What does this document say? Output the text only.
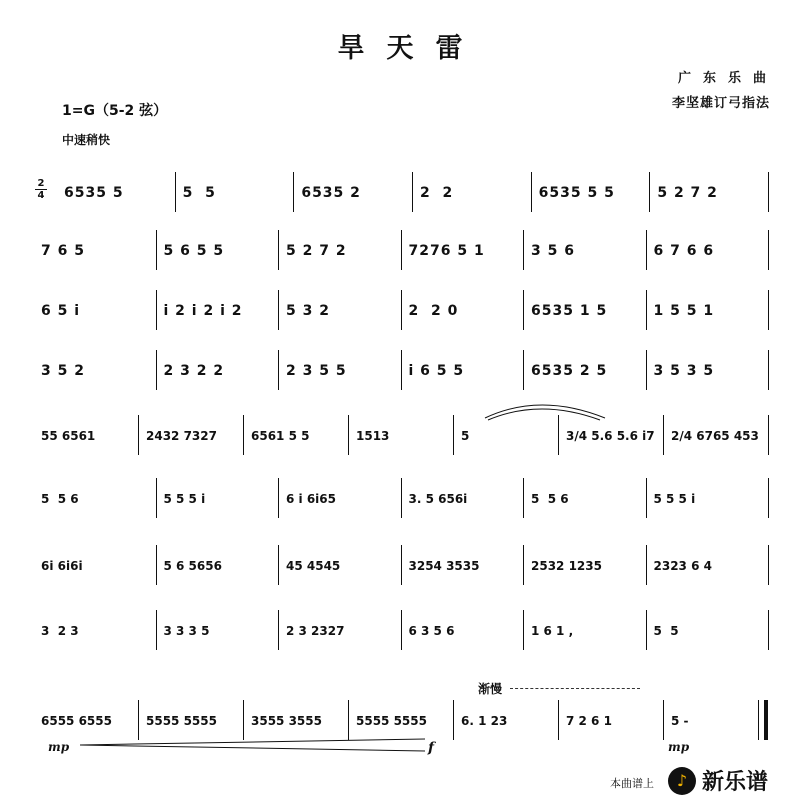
旱天雷
广东乐曲
李坚雄订弓指法
1=G（5-2 弦）
中速稍快
2
4 6535 5	5  5	6535 2	2  2	6535 5 5	5 2 7 2
7 6 5	5 6 5 5	5 2 7 2	7276 5 1	3 5 6	6 7 6 6
6 5 i	i 2 i 2 i 2	5 3 2	2  2 0	6535 1 5	1 5 5 1
3 5 2	2 3 2 2	2 3 5 5	i 6 5 5	6535 2 5	3 5 3 5
55 6561	2432 7327	6561 5 5	1513	5	3/4 5.6 5.6 i7	2/4 6765 453
5  5 6	5 5 5 i	6 i 6i65	3. 5 656i	5  5 6	5 5 5 i
6i 6i6i	5 6 5656	45 4545	3254 3535	2532 1235	2323 6 4
3  2 3	3 3 3 5	2 3 2327	6 3 5 6	1 6 1 ,	5  5
6555 6555	5555 5555	3555 3555	5555 5555	6. 1 23	7 2 6 1	5 -
mp	f	mp
渐慢
本曲谱上	♪ 新乐谱
